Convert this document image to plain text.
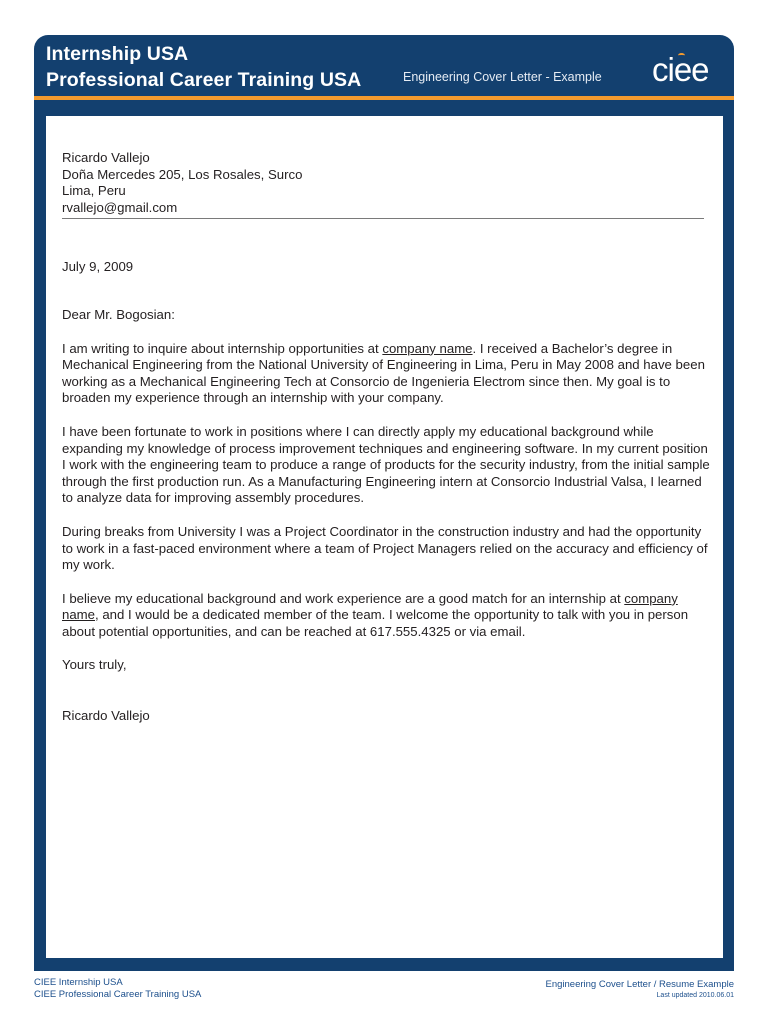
Internship USA
Professional Career Training USA	Engineering Cover Letter - Example ciee
Ricardo Vallejo
Doña Mercedes 205, Los Rosales, Surco
Lima, Peru
rvallejo@gmail.com
July 9, 2009
Dear Mr. Bogosian:
I am writing to inquire about internship opportunities at company name. I received a Bachelor’s degree in Mechanical Engineering from the National University of Engineering in Lima, Peru in May 2008 and have been working as a Mechanical Engineering Tech at Consorcio de Ingenieria Electrom since then. My goal is to broaden my experience through an internship with your company.
I have been fortunate to work in positions where I can directly apply my educational background while expanding my knowledge of process improvement techniques and engineering software. In my current position I work with the engineering team to produce a range of products for the security industry, from the initial sample through the first production run. As a Manufacturing Engineering intern at Consorcio Industrial Valsa, I learned to analyze data for improving assembly procedures.
During breaks from University I was a Project Coordinator in the construction industry and had the opportunity to work in a fast-paced environment where a team of Project Managers relied on the accuracy and efficiency of my work.
I believe my educational background and work experience are a good match for an internship at company name, and I would be a dedicated member of the team. I welcome the opportunity to talk with you in person about potential opportunities, and can be reached at 617.555.4325 or via email.
Yours truly,
Ricardo Vallejo
CIEE Internship USA
CIEE Professional Career Training USA
Engineering Cover Letter / Resume Example
Last updated 2010.06.01
